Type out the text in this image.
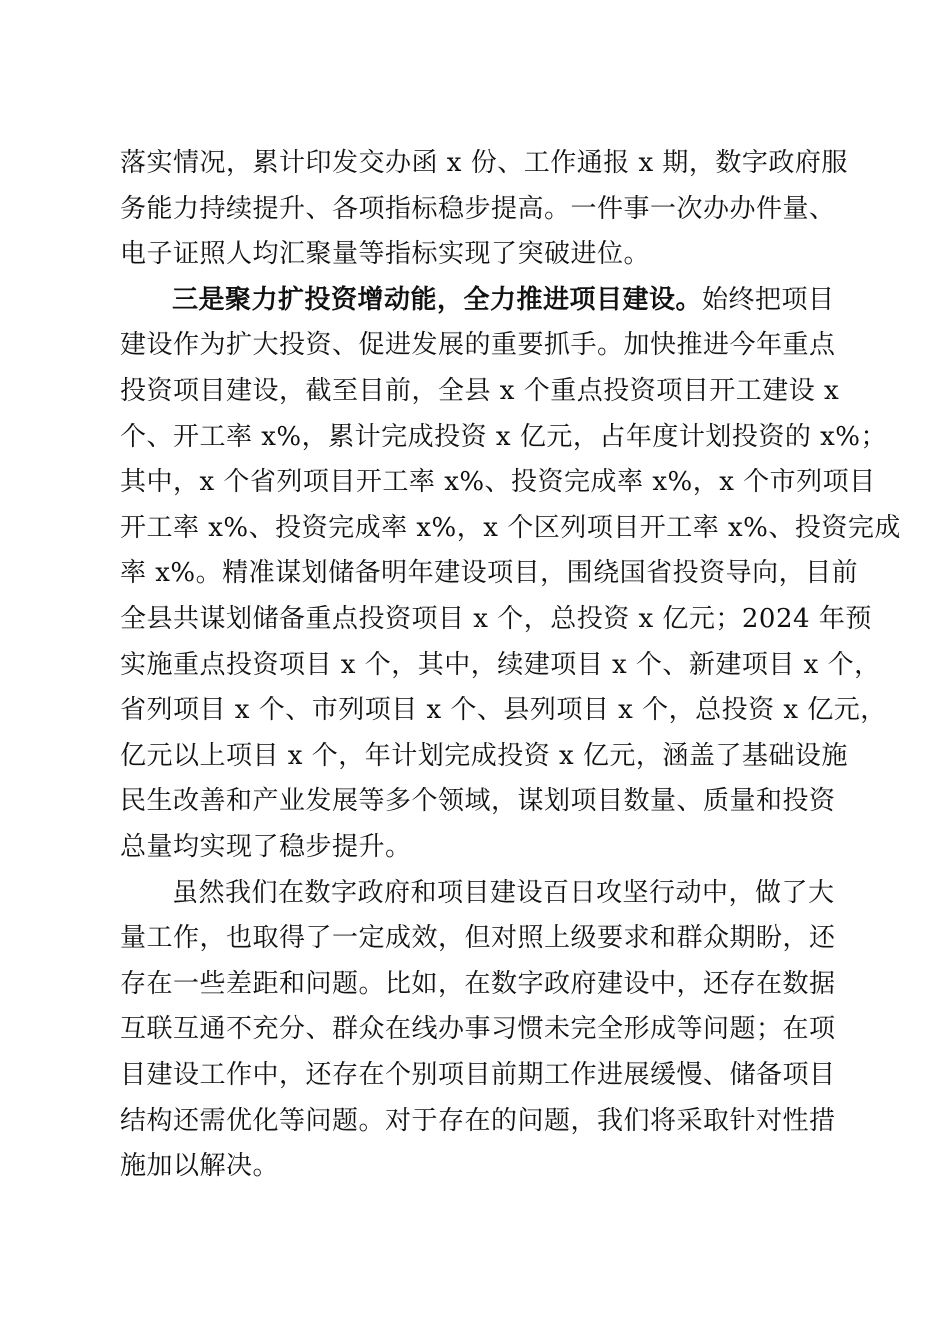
落实情况，累计印发交办函 x 份、工作通报 x 期，数字政府服
务能力持续提升、各项指标稳步提高。一件事一次办办件量、
电子证照人均汇聚量等指标实现了突破进位。
三是聚力扩投资增动能，全力推进项目建设。始终把项目
建设作为扩大投资、促进发展的重要抓手。加快推进今年重点
投资项目建设，截至目前，全县 x 个重点投资项目开工建设 x
个、开工率 x%，累计完成投资 x 亿元，占年度计划投资的 x%；
其中，x 个省列项目开工率 x%、投资完成率 x%，x 个市列项目
开工率 x%、投资完成率 x%，x 个区列项目开工率 x%、投资完成
率 x%。精准谋划储备明年建设项目，围绕国省投资导向，目前
全县共谋划储备重点投资项目 x 个，总投资 x 亿元；2024 年预
实施重点投资项目 x 个，其中，续建项目 x 个、新建项目 x 个，
省列项目 x 个、市列项目 x 个、县列项目 x 个，总投资 x 亿元，
亿元以上项目 x 个，年计划完成投资 x 亿元，涵盖了基础设施
民生改善和产业发展等多个领域，谋划项目数量、质量和投资
总量均实现了稳步提升。
虽然我们在数字政府和项目建设百日攻坚行动中，做了大
量工作，也取得了一定成效，但对照上级要求和群众期盼，还
存在一些差距和问题。比如，在数字政府建设中，还存在数据
互联互通不充分、群众在线办事习惯未完全形成等问题；在项
目建设工作中，还存在个别项目前期工作进展缓慢、储备项目
结构还需优化等问题。对于存在的问题，我们将采取针对性措
施加以解决。
